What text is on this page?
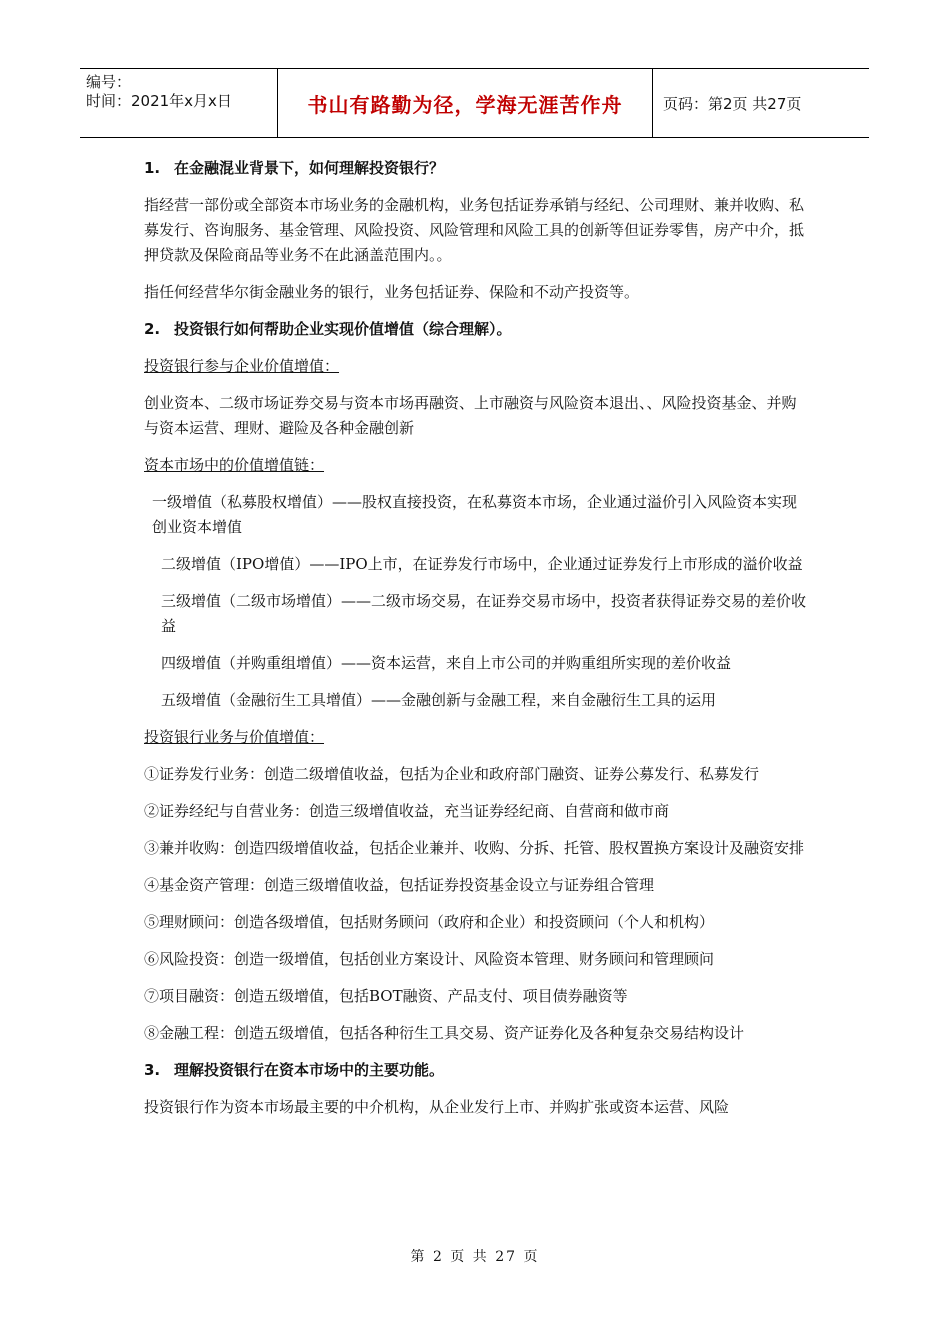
编号：
时间：2021年x月x日	书山有路勤为径，学海无涯苦作舟	页码：第2页 共27页
1. 在金融混业背景下，如何理解投资银行？
指经营一部份或全部资本市场业务的金融机构，业务包括证券承销与经纪、公司理财、兼并收购、私募发行、咨询服务、基金管理、风险投资、风险管理和风险工具的创新等但证券零售，房产中介，抵押贷款及保险商品等业务不在此涵盖范围内。。
指任何经营华尔街金融业务的银行，业务包括证券、保险和不动产投资等。
2. 投资银行如何帮助企业实现价值增值（综合理解）。
投资银行参与企业价值增值：
创业资本、二级市场证券交易与资本市场再融资、上市融资与风险资本退出、、风险投资基金、并购与资本运营、理财、避险及各种金融创新
资本市场中的价值增值链：
一级增值（私募股权增值）——股权直接投资，在私募资本市场，企业通过溢价引入风险资本实现创业资本增值
二级增值（IPO增值）——IPO上市，在证券发行市场中，企业通过证券发行上市形成的溢价收益
三级增值（二级市场增值）——二级市场交易，在证券交易市场中，投资者获得证券交易的差价收益
四级增值（并购重组增值）——资本运营，来自上市公司的并购重组所实现的差价收益
五级增值（金融衍生工具增值）——金融创新与金融工程，来自金融衍生工具的运用
投资银行业务与价值增值：
①证券发行业务：创造二级增值收益，包括为企业和政府部门融资、证券公募发行、私募发行
②证券经纪与自营业务：创造三级增值收益，充当证券经纪商、自营商和做市商
③兼并收购：创造四级增值收益，包括企业兼并、收购、分拆、托管、股权置换方案设计及融资安排
④基金资产管理：创造三级增值收益，包括证券投资基金设立与证券组合管理
⑤理财顾问：创造各级增值，包括财务顾问（政府和企业）和投资顾问（个人和机构）
⑥风险投资：创造一级增值，包括创业方案设计、风险资本管理、财务顾问和管理顾问
⑦项目融资：创造五级增值，包括BOT融资、产品支付、项目债券融资等
⑧金融工程：创造五级增值，包括各种衍生工具交易、资产证券化及各种复杂交易结构设计
3. 理解投资银行在资本市场中的主要功能。
投资银行作为资本市场最主要的中介机构，从企业发行上市、并购扩张或资本运营、风险
第 2 页 共 27 页
